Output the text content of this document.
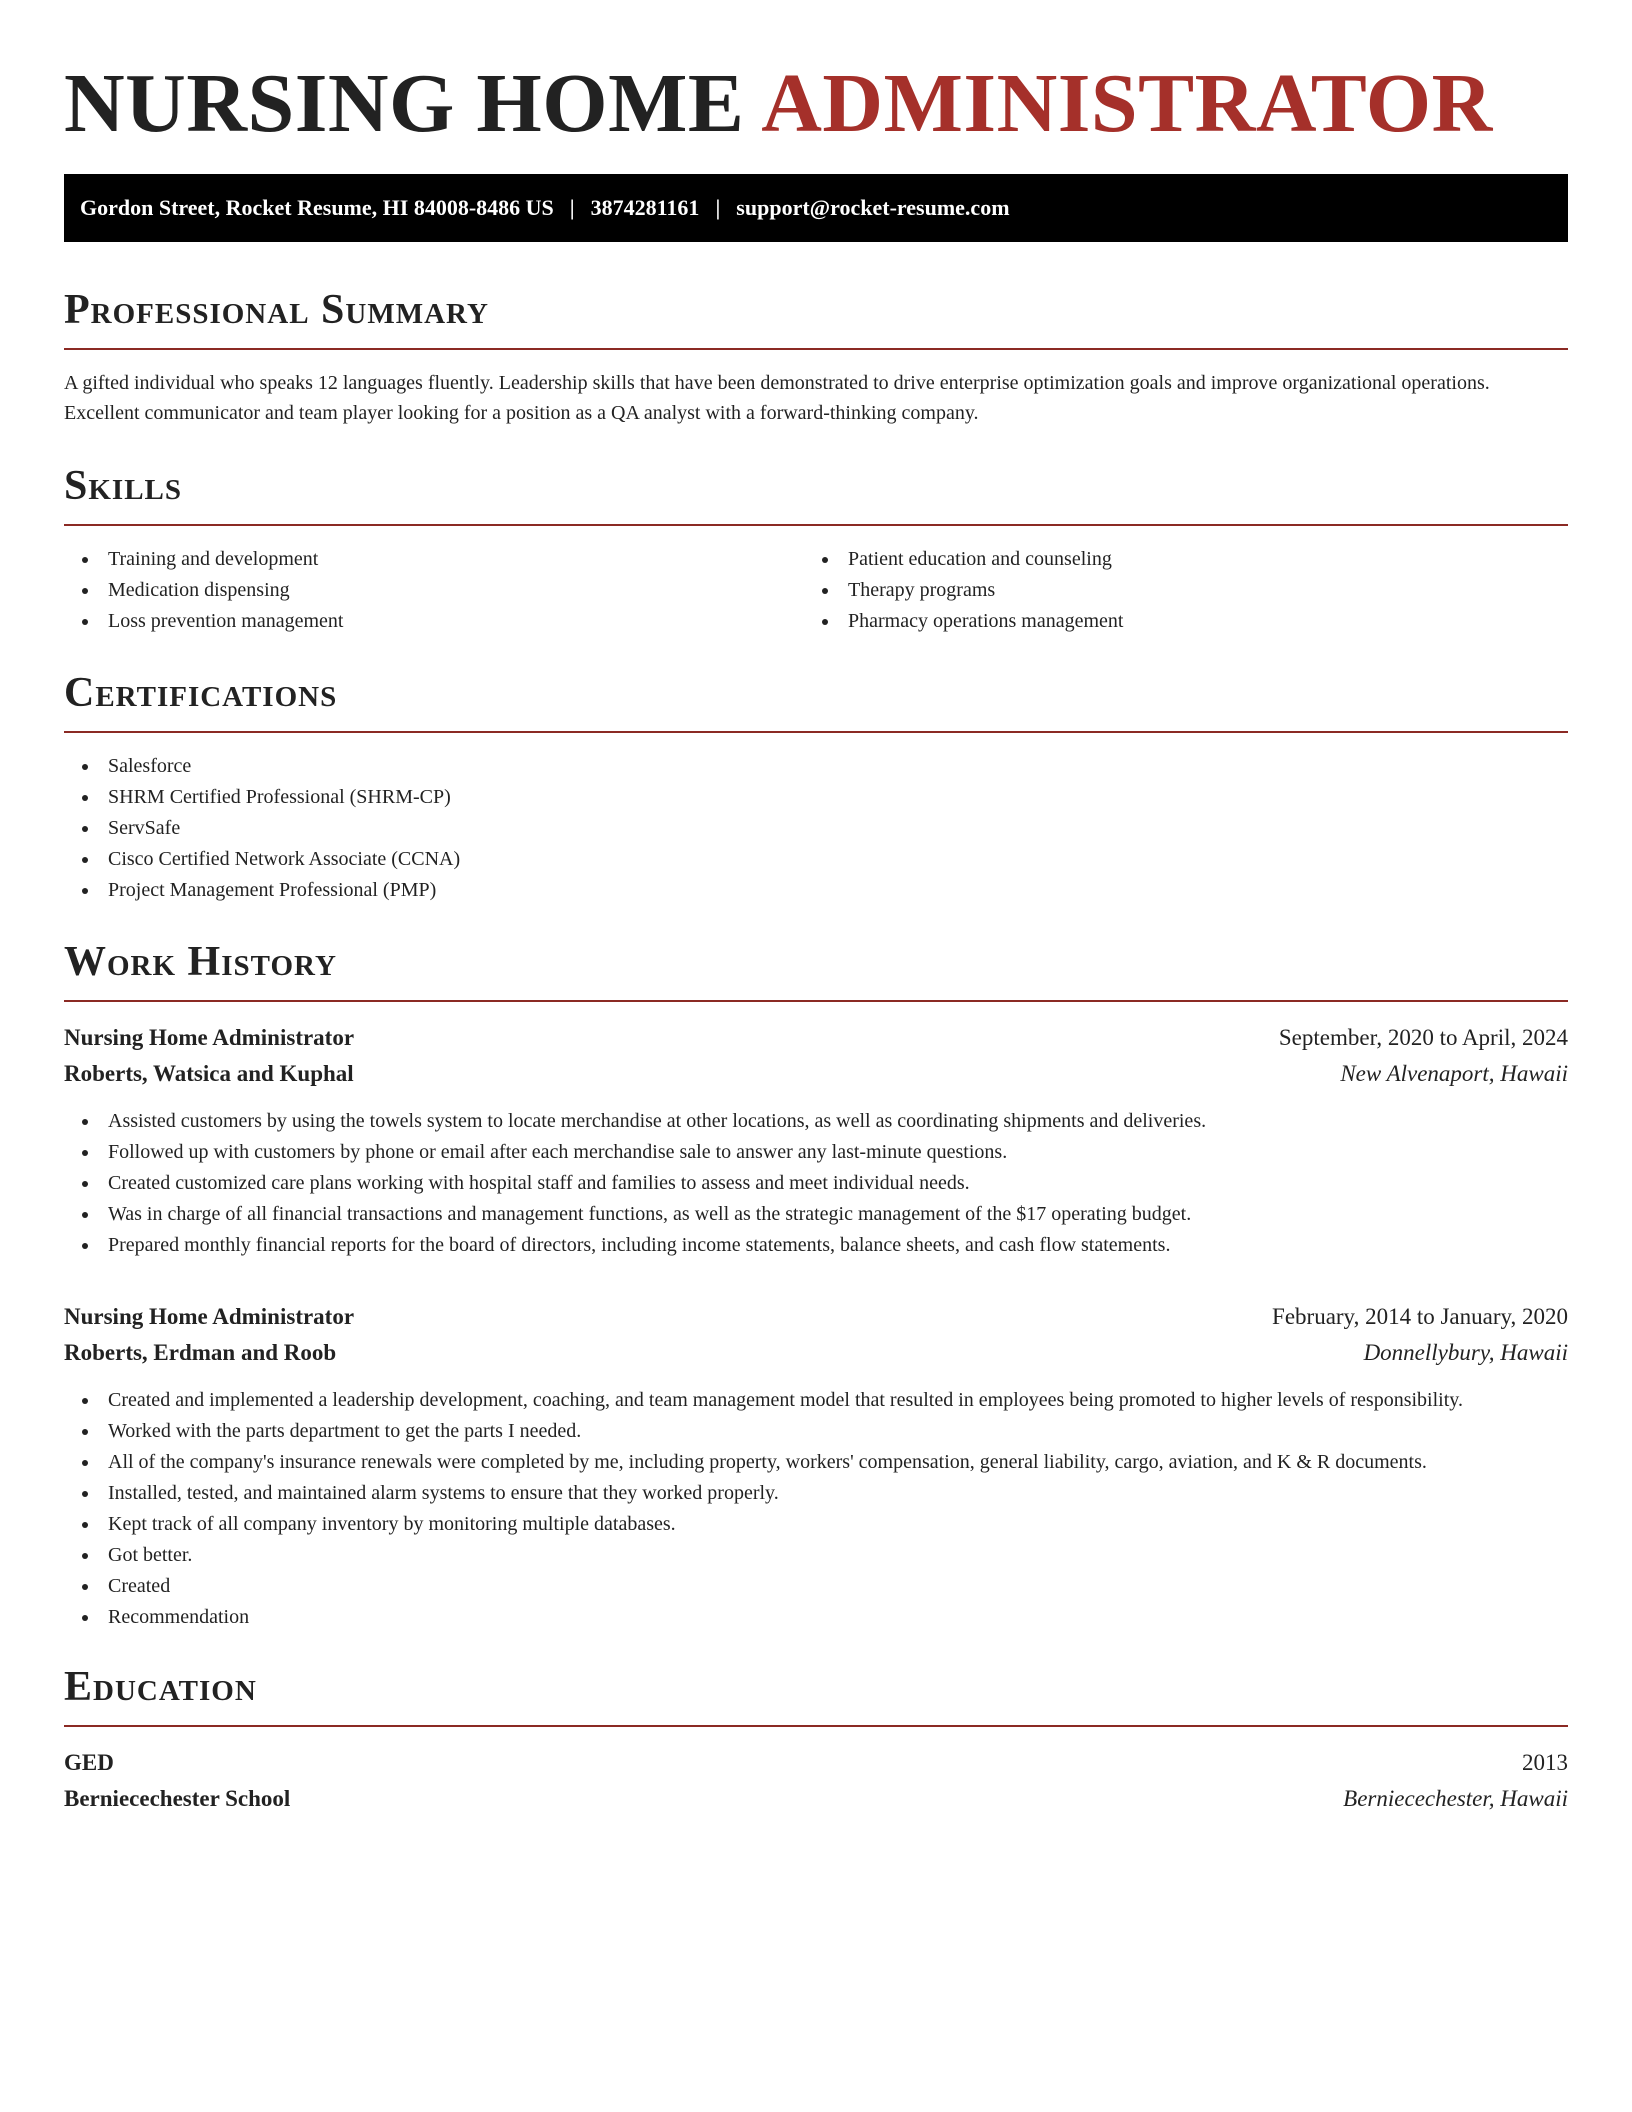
NURSING HOME ADMINISTRATOR
Gordon Street, Rocket Resume, HI 84008-8486 US | 3874281161 | support@rocket-resume.com
Professional Summary

A gifted individual who speaks 12 languages fluently. Leadership skills that have been demonstrated to drive enterprise optimization goals and improve organizational operations. Excellent communicator and team player looking for a position as a QA analyst with a forward-thinking company.

Skills
Training and development
Medication dispensing
Loss prevention management
Patient education and counseling
Therapy programs
Pharmacy operations management
Certifications
Salesforce
SHRM Certified Professional (SHRM-CP)
ServSafe
Cisco Certified Network Associate (CCNA)
Project Management Professional (PMP)
Work History
Nursing Home Administrator	September, 2020 to April, 2024
Roberts, Watsica and Kuphal	New Alvenaport, Hawaii
Assisted customers by using the towels system to locate merchandise at other locations, as well as coordinating shipments and deliveries.
Followed up with customers by phone or email after each merchandise sale to answer any last-minute questions.
Created customized care plans working with hospital staff and families to assess and meet individual needs.
Was in charge of all financial transactions and management functions, as well as the strategic management of the $17 operating budget.
Prepared monthly financial reports for the board of directors, including income statements, balance sheets, and cash flow statements.
Nursing Home Administrator	February, 2014 to January, 2020
Roberts, Erdman and Roob	Donnellybury, Hawaii
Created and implemented a leadership development, coaching, and team management model that resulted in employees being promoted to higher levels of responsibility.
Worked with the parts department to get the parts I needed.
All of the company's insurance renewals were completed by me, including property, workers' compensation, general liability, cargo, aviation, and K & R documents.
Installed, tested, and maintained alarm systems to ensure that they worked properly.
Kept track of all company inventory by monitoring multiple databases.
Got better.
Created
Recommendation
Education
GED	2013
Berniecechester School	Berniecechester, Hawaii
